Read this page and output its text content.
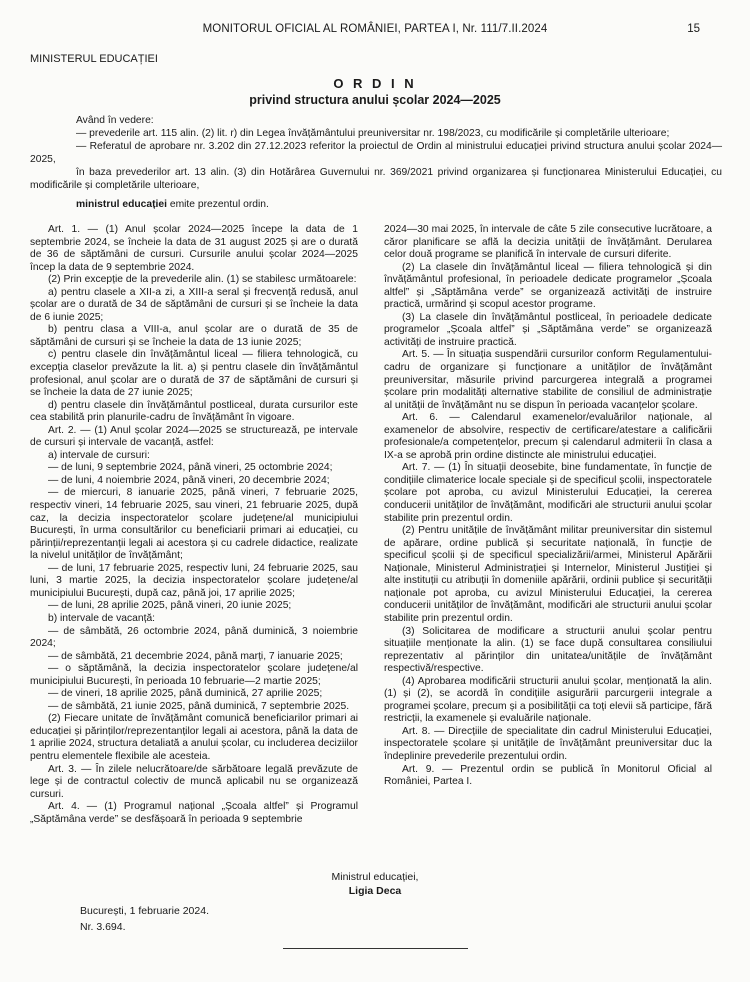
MONITORUL OFICIAL AL ROMÂNIEI, PARTEA I, Nr. 111/7.II.2024	15
MINISTERUL EDUCAȚIEI
O R D I N
privind structura anului școlar 2024—2025

Având în vedere:

— prevederile art. 115 alin. (2) lit. r) din Legea învățământului preuniversitar nr. 198/2023, cu modificările și completările ulterioare;

— Referatul de aprobare nr. 3.202 din 27.12.2023 referitor la proiectul de Ordin al ministrului educației privind structura anului școlar 2024—2025,

în baza prevederilor art. 13 alin. (3) din Hotărârea Guvernului nr. 369/2021 privind organizarea și funcționarea Ministerului Educației, cu modificările și completările ulterioare,

ministrul educației emite prezentul ordin.

Art. 1. — (1) Anul școlar 2024—2025 începe la data de 1 septembrie 2024, se încheie la data de 31 august 2025 și are o durată de 36 de săptămâni de cursuri. Cursurile anului școlar 2024—2025 încep la data de 9 septembrie 2024.

(2) Prin excepție de la prevederile alin. (1) se stabilesc următoarele:

a) pentru clasele a XII-a zi, a XIII-a seral și frecvență redusă, anul școlar are o durată de 34 de săptămâni de cursuri și se încheie la data de 6 iunie 2025;

b) pentru clasa a VIII-a, anul școlar are o durată de 35 de săptămâni de cursuri și se încheie la data de 13 iunie 2025;

c) pentru clasele din învățământul liceal — filiera tehnologică, cu excepția claselor prevăzute la lit. a) și pentru clasele din învățământul profesional, anul școlar are o durată de 37 de săptămâni de cursuri și se încheie la data de 27 iunie 2025;

d) pentru clasele din învățământul postliceal, durata cursurilor este cea stabilită prin planurile-cadru de învățământ în vigoare.

Art. 2. — (1) Anul școlar 2024—2025 se structurează, pe intervale de cursuri și intervale de vacanță, astfel:

a) intervale de cursuri:

— de luni, 9 septembrie 2024, până vineri, 25 octombrie 2024;

— de luni, 4 noiembrie 2024, până vineri, 20 decembrie 2024;

— de miercuri, 8 ianuarie 2025, până vineri, 7 februarie 2025, respectiv vineri, 14 februarie 2025, sau vineri, 21 februarie 2025, după caz, la decizia inspectoratelor școlare județene/al municipiului București, în urma consultărilor cu beneficiarii primari ai educației, cu părinții/reprezentanții legali ai acestora și cu cadrele didactice, realizate la nivelul unităților de învățământ;

— de luni, 17 februarie 2025, respectiv luni, 24 februarie 2025, sau luni, 3 martie 2025, la decizia inspectoratelor școlare județene/al municipiului București, după caz, până joi, 17 aprilie 2025;

— de luni, 28 aprilie 2025, până vineri, 20 iunie 2025;

b) intervale de vacanță:

— de sâmbătă, 26 octombrie 2024, până duminică, 3 noiembrie 2024;

— de sâmbătă, 21 decembrie 2024, până marți, 7 ianuarie 2025;

— o săptămână, la decizia inspectoratelor școlare județene/al municipiului București, în perioada 10 februarie—2 martie 2025;

— de vineri, 18 aprilie 2025, până duminică, 27 aprilie 2025;

— de sâmbătă, 21 iunie 2025, până duminică, 7 septembrie 2025.

(2) Fiecare unitate de învățământ comunică beneficiarilor primari ai educației și părinților/reprezentanților legali ai acestora, până la data de 1 aprilie 2024, structura detaliată a anului școlar, cu includerea deciziilor pentru elementele flexibile ale acesteia.

Art. 3. — În zilele nelucrătoare/de sărbătoare legală prevăzute de lege și de contractul colectiv de muncă aplicabil nu se organizează cursuri.

Art. 4. — (1) Programul național „Școala altfel” și Programul „Săptămâna verde” se desfășoară în perioada 9 septembrie

2024—30 mai 2025, în intervale de câte 5 zile consecutive lucrătoare, a căror planificare se află la decizia unității de învățământ. Derularea celor două programe se planifică în intervale de cursuri diferite.

(2) La clasele din învățământul liceal — filiera tehnologică și din învățământul profesional, în perioadele dedicate programelor „Școala altfel” și „Săptămâna verde” se organizează activități de instruire practică, urmărind și scopul acestor programe.

(3) La clasele din învățământul postliceal, în perioadele dedicate programelor „Școala altfel” și „Săptămâna verde” se organizează activități de instruire practică.

Art. 5. — În situația suspendării cursurilor conform Regulamentului-cadru de organizare și funcționare a unităților de învățământ preuniversitar, măsurile privind parcurgerea integrală a programei școlare prin modalități alternative stabilite de consiliul de administrație al unității de învățământ nu se dispun în perioada vacanțelor școlare.

Art. 6. — Calendarul examenelor/evaluărilor naționale, al examenelor de absolvire, respectiv de certificare/atestare a calificării profesionale/a competențelor, precum și calendarul admiterii în clasa a IX-a se aprobă prin ordine distincte ale ministrului educației.

Art. 7. — (1) În situații deosebite, bine fundamentate, în funcție de condițiile climaterice locale speciale și de specificul școlii, inspectoratele școlare pot aproba, cu avizul Ministerului Educației, la cererea conducerii unităților de învățământ, modificări ale structurii anului școlar stabilite prin prezentul ordin.

(2) Pentru unitățile de învățământ militar preuniversitar din sistemul de apărare, ordine publică și securitate națională, în funcție de specificul școlii și de specificul specializării/armei, Ministerul Apărării Naționale, Ministerul Administrației și Internelor, Ministerul Justiției și alte instituții cu atribuții în domeniile apărării, ordinii publice și securității naționale pot aproba, cu avizul Ministerului Educației, la cererea conducerii unităților de învățământ, modificări ale structurii anului școlar stabilite prin prezentul ordin.

(3) Solicitarea de modificare a structurii anului școlar pentru situațiile menționate la alin. (1) se face după consultarea consiliului reprezentativ al părinților din unitatea/unitățile de învățământ respectivă/respective.

(4) Aprobarea modificării structurii anului școlar, menționată la alin. (1) și (2), se acordă în condițiile asigurării parcurgerii integrale a programei școlare, precum și a posibilității ca toți elevii să participe, fără restricții, la examenele și evaluările naționale.

Art. 8. — Direcțiile de specialitate din cadrul Ministerului Educației, inspectoratele școlare și unitățile de învățământ preuniversitar duc la îndeplinire prevederile prezentului ordin.

Art. 9. — Prezentul ordin se publică în Monitorul Oficial al României, Partea I.

Ministrul educației,
Ligia Deca
București, 1 februarie 2024.
Nr. 3.694.
